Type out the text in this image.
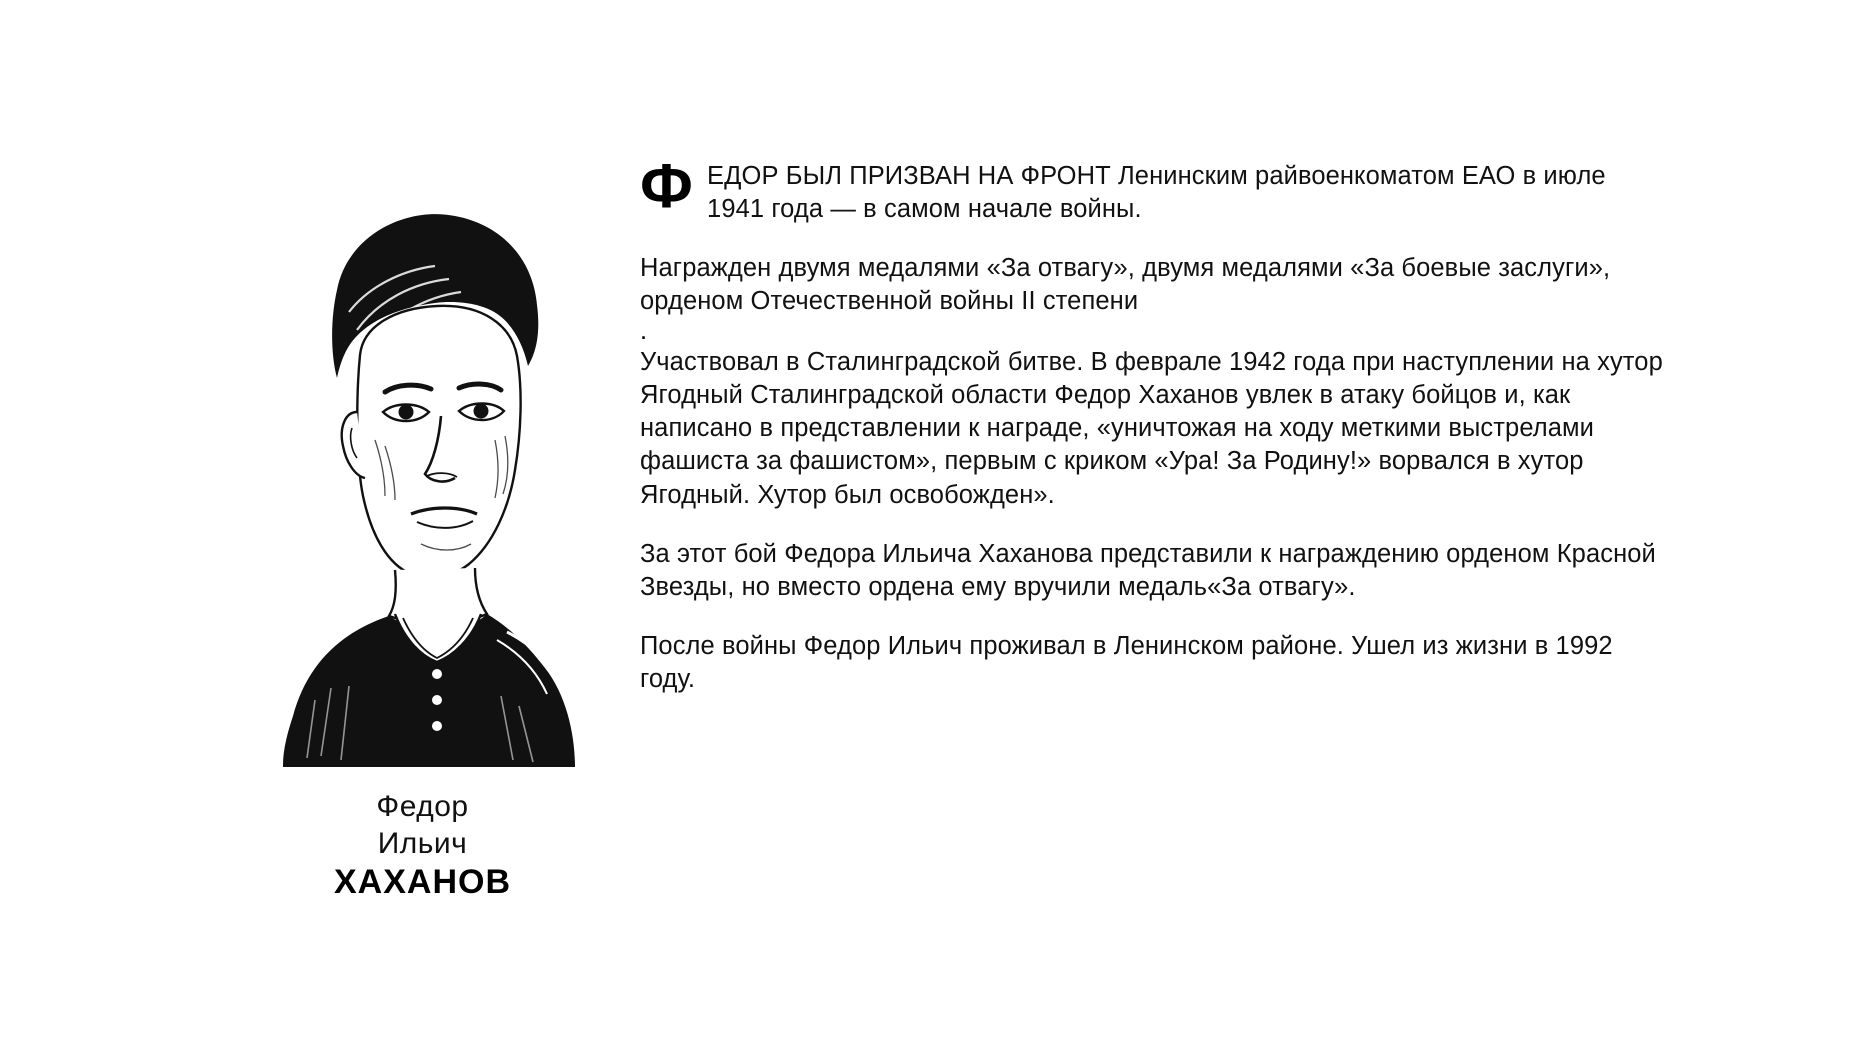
Федор
Ильич
ХАХАНОВ

Ф ЕДОР БЫЛ ПРИЗВАН НА ФРОНТ Ленинским райвоенкоматом ЕАО в июле 1941 года — в самом начале войны.

Награжден двумя медалями «За отвагу», двумя медалями «За боевые заслуги», орденом Отечественной войны II степени

.

Участвовал в Сталинградской битве. В феврале 1942 года при наступлении на хутор Ягодный Сталинградской области Федор Хаханов увлек в атаку бойцов и, как написано в представлении к награде, «уничтожая на ходу меткими выстрелами фашиста за фашистом», первым с криком «Ура! За Родину!» ворвался в хутор Ягодный. Хутор был освобожден».

За этот бой Федора Ильича Хаханова представили к награждению орденом Красной Звезды, но вместо ордена ему вручили медаль«За отвагу».

После войны Федор Ильич проживал в Ленинском районе. Ушел из жизни в 1992 году.
